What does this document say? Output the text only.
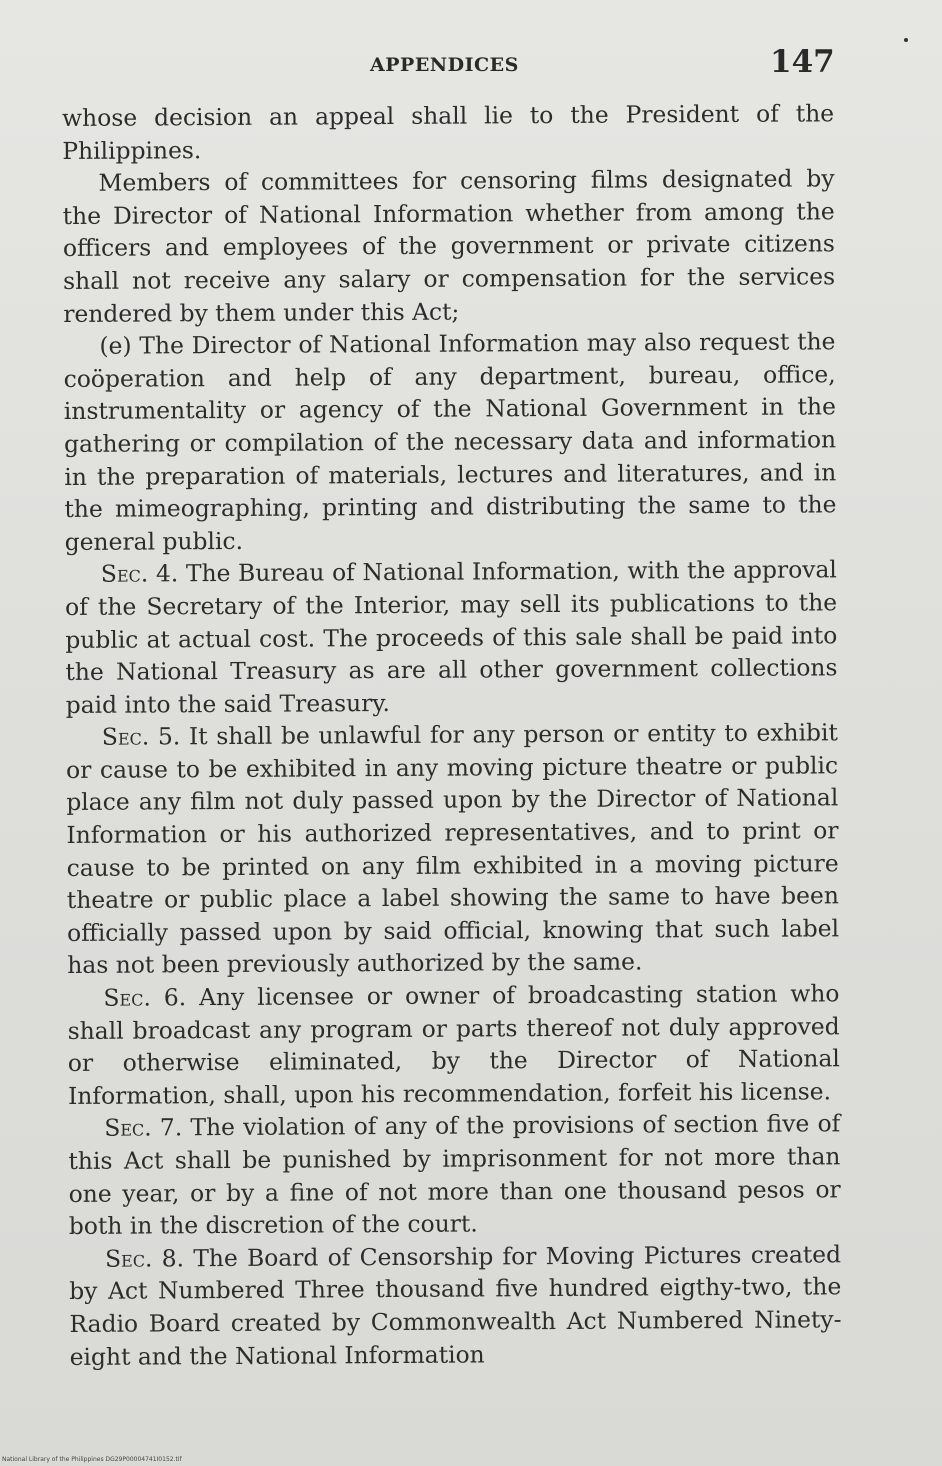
APPENDICES	147

whose decision an appeal shall lie to the President of the Philippines.

Members of committees for censoring films designated by the Director of National Information whether from among the officers and employees of the government or private citizens shall not receive any salary or compensation for the services rendered by them under this Act;

(e) The Director of National Information may also request the coöperation and help of any department, bureau, office, instrumentality or agency of the National Government in the gathering or compilation of the necessary data and information in the preparation of materials, lectures and literatures, and in the mimeographing, printing and distributing the same to the general public.

Sec. 4. The Bureau of National Information, with the approval of the Secretary of the Interior, may sell its publications to the public at actual cost. The proceeds of this sale shall be paid into the National Treasury as are all other government collections paid into the said Treasury.

Sec. 5. It shall be unlawful for any person or entity to exhibit or cause to be exhibited in any moving picture theatre or public place any film not duly passed upon by the Director of National Information or his authorized representatives, and to print or cause to be printed on any film exhibited in a moving picture theatre or public place a label showing the same to have been officially passed upon by said official, knowing that such label has not been previously authorized by the same.

Sec. 6. Any licensee or owner of broadcasting station who shall broadcast any program or parts thereof not duly approved or otherwise eliminated, by the Director of National Information, shall, upon his recommendation, forfeit his license.

Sec. 7. The violation of any of the provisions of section five of this Act shall be punished by imprisonment for not more than one year, or by a fine of not more than one thousand pesos or both in the discretion of the court.

Sec. 8. The Board of Censorship for Moving Pictures created by Act Numbered Three thousand five hundred eigthy-two, the Radio Board created by Commonwealth Act Numbered Ninety-eight and the National Information

National Library of the Philippines DG29P00004741I0152.tif
